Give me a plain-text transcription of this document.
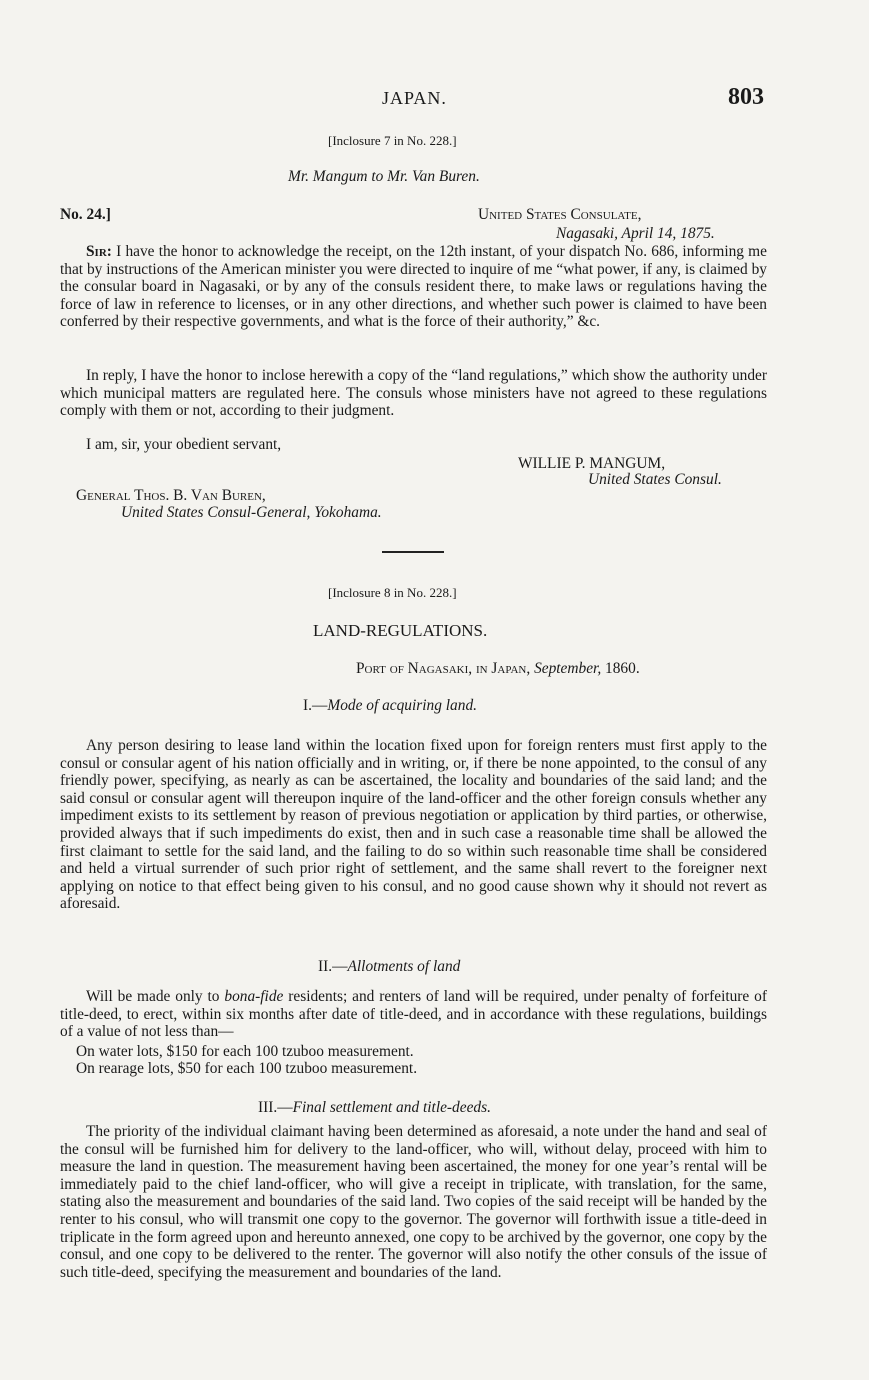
JAPAN.	803
[Inclosure 7 in No. 228.]
Mr. Mangum to Mr. Van Buren.
No. 24.]	United States Consulate,
Nagasaki, April 14, 1875.

Sir: I have the honor to acknowledge the receipt, on the 12th instant, of your dispatch No. 686, informing me that by instructions of the American minister you were directed to inquire of me “what power, if any, is claimed by the consular board in Nagasaki, or by any of the consuls resident there, to make laws or regulations having the force of law in reference to licenses, or in any other directions, and whether such power is claimed to have been conferred by their respective governments, and what is the force of their authority,” &c.

In reply, I have the honor to inclose herewith a copy of the “land regulations,” which show the authority under which municipal matters are regulated here. The consuls whose ministers have not agreed to these regulations comply with them or not, according to their judgment.

I am, sir, your obedient servant,
WILLIE P. MANGUM,
United States Consul.
General Thos. B. Van Buren,
United States Consul-General, Yokohama.
[Inclosure 8 in No. 228.]
LAND-REGULATIONS.
Port of Nagasaki, in Japan, September, 1860.
I.—Mode of acquiring land.

Any person desiring to lease land within the location fixed upon for foreign renters must first apply to the consul or consular agent of his nation officially and in writing, or, if there be none appointed, to the consul of any friendly power, specifying, as nearly as can be ascertained, the locality and boundaries of the said land; and the said consul or consular agent will thereupon inquire of the land-officer and the other foreign consuls whether any impediment exists to its settlement by reason of previous negotiation or application by third parties, or otherwise, provided always that if such impediments do exist, then and in such case a reasonable time shall be allowed the first claimant to settle for the said land, and the failing to do so within such reasonable time shall be considered and held a virtual surrender of such prior right of settlement, and the same shall revert to the foreigner next applying on notice to that effect being given to his consul, and no good cause shown why it should not revert as aforesaid.

II.—Allotments of land

Will be made only to bona-fide residents; and renters of land will be required, under penalty of forfeiture of title-deed, to erect, within six months after date of title-deed, and in accordance with these regulations, buildings of a value of not less than—

On water lots, $150 for each 100 tzuboo measurement.
On rearage lots, $50 for each 100 tzuboo measurement.
III.—Final settlement and title-deeds.

The priority of the individual claimant having been determined as aforesaid, a note under the hand and seal of the consul will be furnished him for delivery to the land-officer, who will, without delay, proceed with him to measure the land in question. The measurement having been ascertained, the money for one year’s rental will be immediately paid to the chief land-officer, who will give a receipt in triplicate, with translation, for the same, stating also the measurement and boundaries of the said land. Two copies of the said receipt will be handed by the renter to his consul, who will transmit one copy to the governor. The governor will forthwith issue a title-deed in triplicate in the form agreed upon and hereunto annexed, one copy to be archived by the governor, one copy by the consul, and one copy to be delivered to the renter. The governor will also notify the other consuls of the issue of such title-deed, specifying the measurement and boundaries of the land.
